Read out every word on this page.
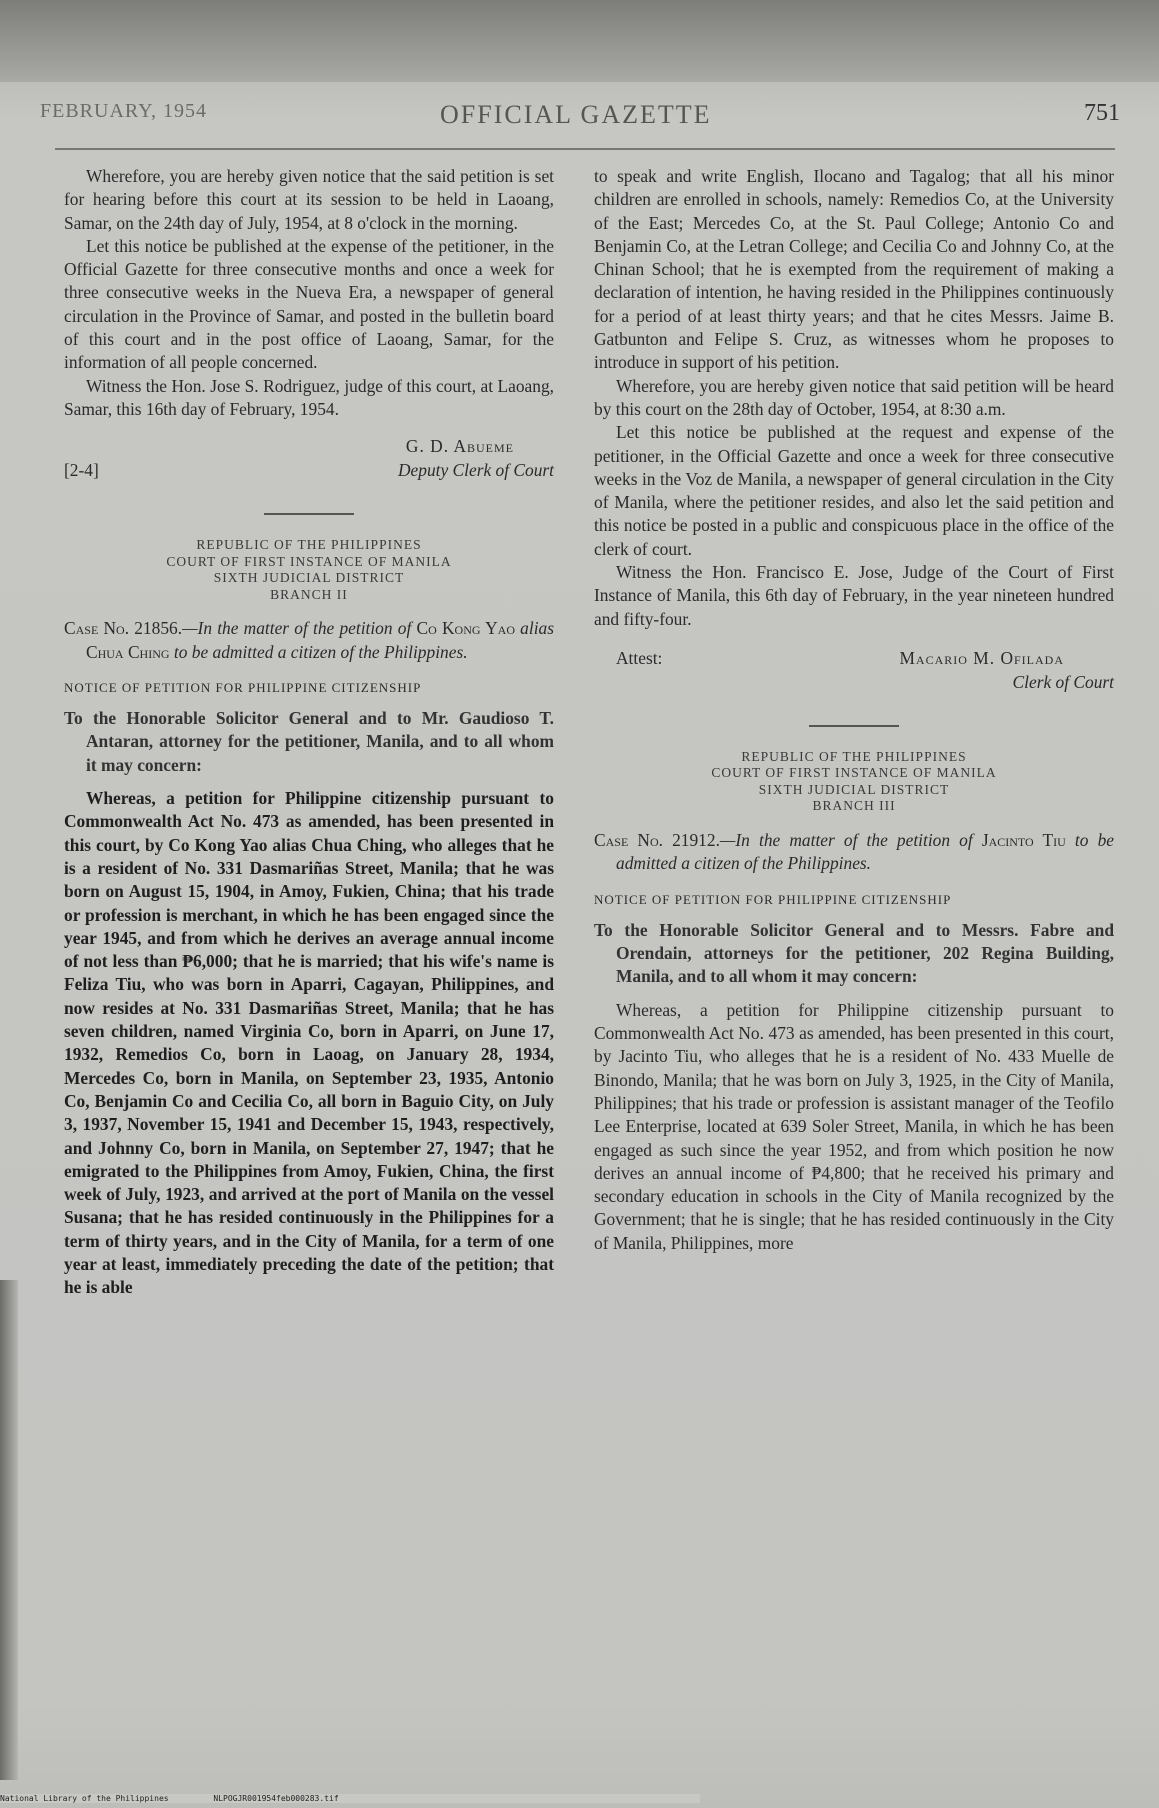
FEBRUARY, 1954	OFFICIAL GAZETTE	751

Wherefore, you are hereby given notice that the said petition is set for hearing before this court at its session to be held in Laoang, Samar, on the 24th day of July, 1954, at 8 o'clock in the morning.

Let this notice be published at the expense of the petitioner, in the Official Gazette for three consecutive months and once a week for three consecutive weeks in the Nueva Era, a newspaper of general circulation in the Province of Samar, and posted in the bulletin board of this court and in the post office of Laoang, Samar, for the information of all people concerned.

Witness the Hon. Jose S. Rodriguez, judge of this court, at Laoang, Samar, this 16th day of February, 1954.

[2-4]
G. D. Abueme
Deputy Clerk of Court
REPUBLIC OF THE PHILIPPINES
COURT OF FIRST INSTANCE OF MANILA
SIXTH JUDICIAL DISTRICT
BRANCH II
Case No. 21856.—In the matter of the petition of Co Kong Yao alias Chua Ching to be admitted a citizen of the Philippines.
NOTICE OF PETITION FOR PHILIPPINE CITIZENSHIP
To the Honorable Solicitor General and to Mr. Gaudioso T. Antaran, attorney for the petitioner, Manila, and to all whom it may concern:

Whereas, a petition for Philippine citizenship pursuant to Commonwealth Act No. 473 as amended, has been presented in this court, by Co Kong Yao alias Chua Ching, who alleges that he is a resident of No. 331 Dasmariñas Street, Manila; that he was born on August 15, 1904, in Amoy, Fukien, China; that his trade or profession is merchant, in which he has been engaged since the year 1945, and from which he derives an average annual income of not less than ₱6,000; that he is married; that his wife's name is Feliza Tiu, who was born in Aparri, Cagayan, Philippines, and now resides at No. 331 Dasmariñas Street, Manila; that he has seven children, named Virginia Co, born in Aparri, on June 17, 1932, Remedios Co, born in Laoag, on January 28, 1934, Mercedes Co, born in Manila, on September 23, 1935, Antonio Co, Benjamin Co and Cecilia Co, all born in Baguio City, on July 3, 1937, November 15, 1941 and December 15, 1943, respectively, and Johnny Co, born in Manila, on September 27, 1947; that he emigrated to the Philippines from Amoy, Fukien, China, the first week of July, 1923, and arrived at the port of Manila on the vessel Susana; that he has resided continuously in the Philippines for a term of thirty years, and in the City of Manila, for a term of one year at least, immediately preceding the date of the petition; that he is able

to speak and write English, Ilocano and Tagalog; that all his minor children are enrolled in schools, namely: Remedios Co, at the University of the East; Mercedes Co, at the St. Paul College; Antonio Co and Benjamin Co, at the Letran College; and Cecilia Co and Johnny Co, at the Chinan School; that he is exempted from the requirement of making a declaration of intention, he having resided in the Philippines continuously for a period of at least thirty years; and that he cites Messrs. Jaime B. Gatbunton and Felipe S. Cruz, as witnesses whom he proposes to introduce in support of his petition.

Wherefore, you are hereby given notice that said petition will be heard by this court on the 28th day of October, 1954, at 8:30 a.m.

Let this notice be published at the request and expense of the petitioner, in the Official Gazette and once a week for three consecutive weeks in the Voz de Manila, a newspaper of general circulation in the City of Manila, where the petitioner resides, and also let the said petition and this notice be posted in a public and conspicuous place in the office of the clerk of court.

Witness the Hon. Francisco E. Jose, Judge of the Court of First Instance of Manila, this 6th day of February, in the year nineteen hundred and fifty-four.

Attest:	Macario M. Ofilada
Clerk of Court
REPUBLIC OF THE PHILIPPINES
COURT OF FIRST INSTANCE OF MANILA
SIXTH JUDICIAL DISTRICT
BRANCH III
Case No. 21912.—In the matter of the petition of Jacinto Tiu to be admitted a citizen of the Philippines.
NOTICE OF PETITION FOR PHILIPPINE CITIZENSHIP
To the Honorable Solicitor General and to Messrs. Fabre and Orendain, attorneys for the petitioner, 202 Regina Building, Manila, and to all whom it may concern:

Whereas, a petition for Philippine citizenship pursuant to Commonwealth Act No. 473 as amended, has been presented in this court, by Jacinto Tiu, who alleges that he is a resident of No. 433 Muelle de Binondo, Manila; that he was born on July 3, 1925, in the City of Manila, Philippines; that his trade or profession is assistant manager of the Teofilo Lee Enterprise, located at 639 Soler Street, Manila, in which he has been engaged as such since the year 1952, and from which position he now derives an annual income of ₱4,800; that he received his primary and secondary education in schools in the City of Manila recognized by the Government; that he is single; that he has resided continuously in the City of Manila, Philippines, more

National Library of the Philippines	NLPOGJR001954feb000283.tif
